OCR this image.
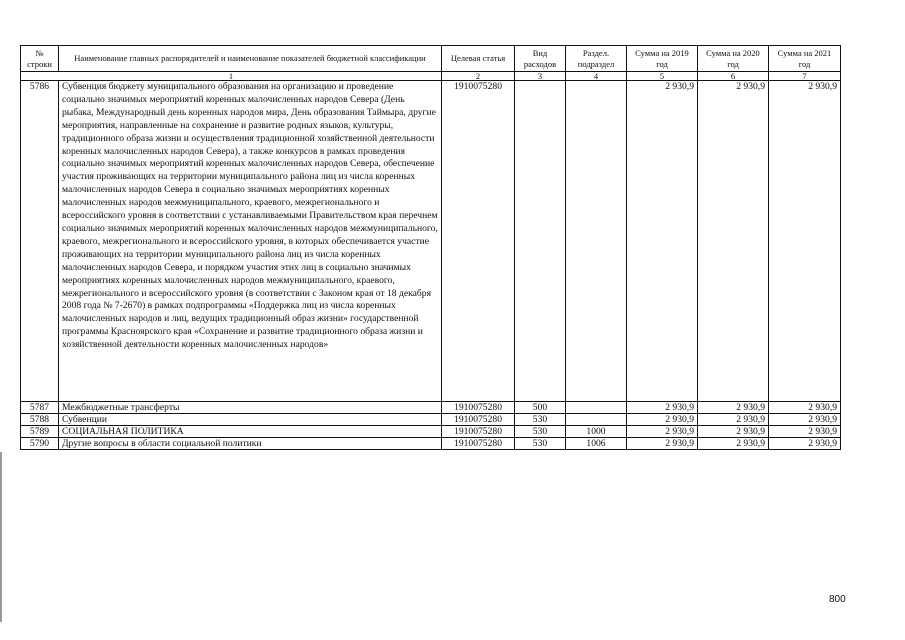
№ строки	Наименование главных распорядителей и наименование показателей бюджетной классификации	Целевая статья	Вид расходов	Раздел. подраздел	Сумма на 2019 год	Сумма на 2020 год	Сумма на 2021 год
1		2	3	4	5	6	7
5786	Субвенция бюджету муниципального образования на организацию и проведение социально значимых мероприятий коренных малочисленных народов Севера (День рыбака, Международный день коренных народов мира, День образования Таймыра, другие мероприятия, направленные на сохранение и развитие родных языков, культуры, традиционного образа жизни и осуществления традиционной хозяйственной деятельности коренных малочисленных народов Севера), а также конкурсов в рамках проведения социально значимых мероприятий коренных малочисленных народов Севера, обеспечение участия проживающих на территории муниципального района лиц из числа коренных малочисленных народов Севера в социально значимых мероприятиях коренных малочисленных народов межмуниципального, краевого, межрегионального и всероссийского уровня в соответствии с устанавливаемыми Правительством края перечнем социально значимых мероприятий коренных малочисленных народов межмуниципального, краевого, межрегионального и всероссийского уровня, в которых обеспечивается участие проживающих на территории муниципального района лиц из числа коренных малочисленных народов Севера, и порядком участия этих лиц в социально значимых мероприятиях коренных малочисленных народов межмуниципального, краевого, межрегионального и всероссийского уровня (в соответствии с Законом края от 18 декабря 2008 года № 7-2670) в рамках подпрограммы «Поддержка лиц из числа коренных малочисленных народов и лиц, ведущих традиционный образ жизни» государственной программы Красноярского края «Сохранение и развитие традиционного образа жизни и хозяйственной деятельности коренных малочисленных народов»	1910075280			2 930,9	2 930,9	2 930,9
5787	Межбюджетные трансферты	1910075280	500		2 930,9	2 930,9	2 930,9
5788	Субвенции	1910075280	530		2 930,9	2 930,9	2 930,9
5789	СОЦИАЛЬНАЯ ПОЛИТИКА	1910075280	530	1000	2 930,9	2 930,9	2 930,9
5790	Другие вопросы в области социальной политики	1910075280	530	1006	2 930,9	2 930,9	2 930,9
800
